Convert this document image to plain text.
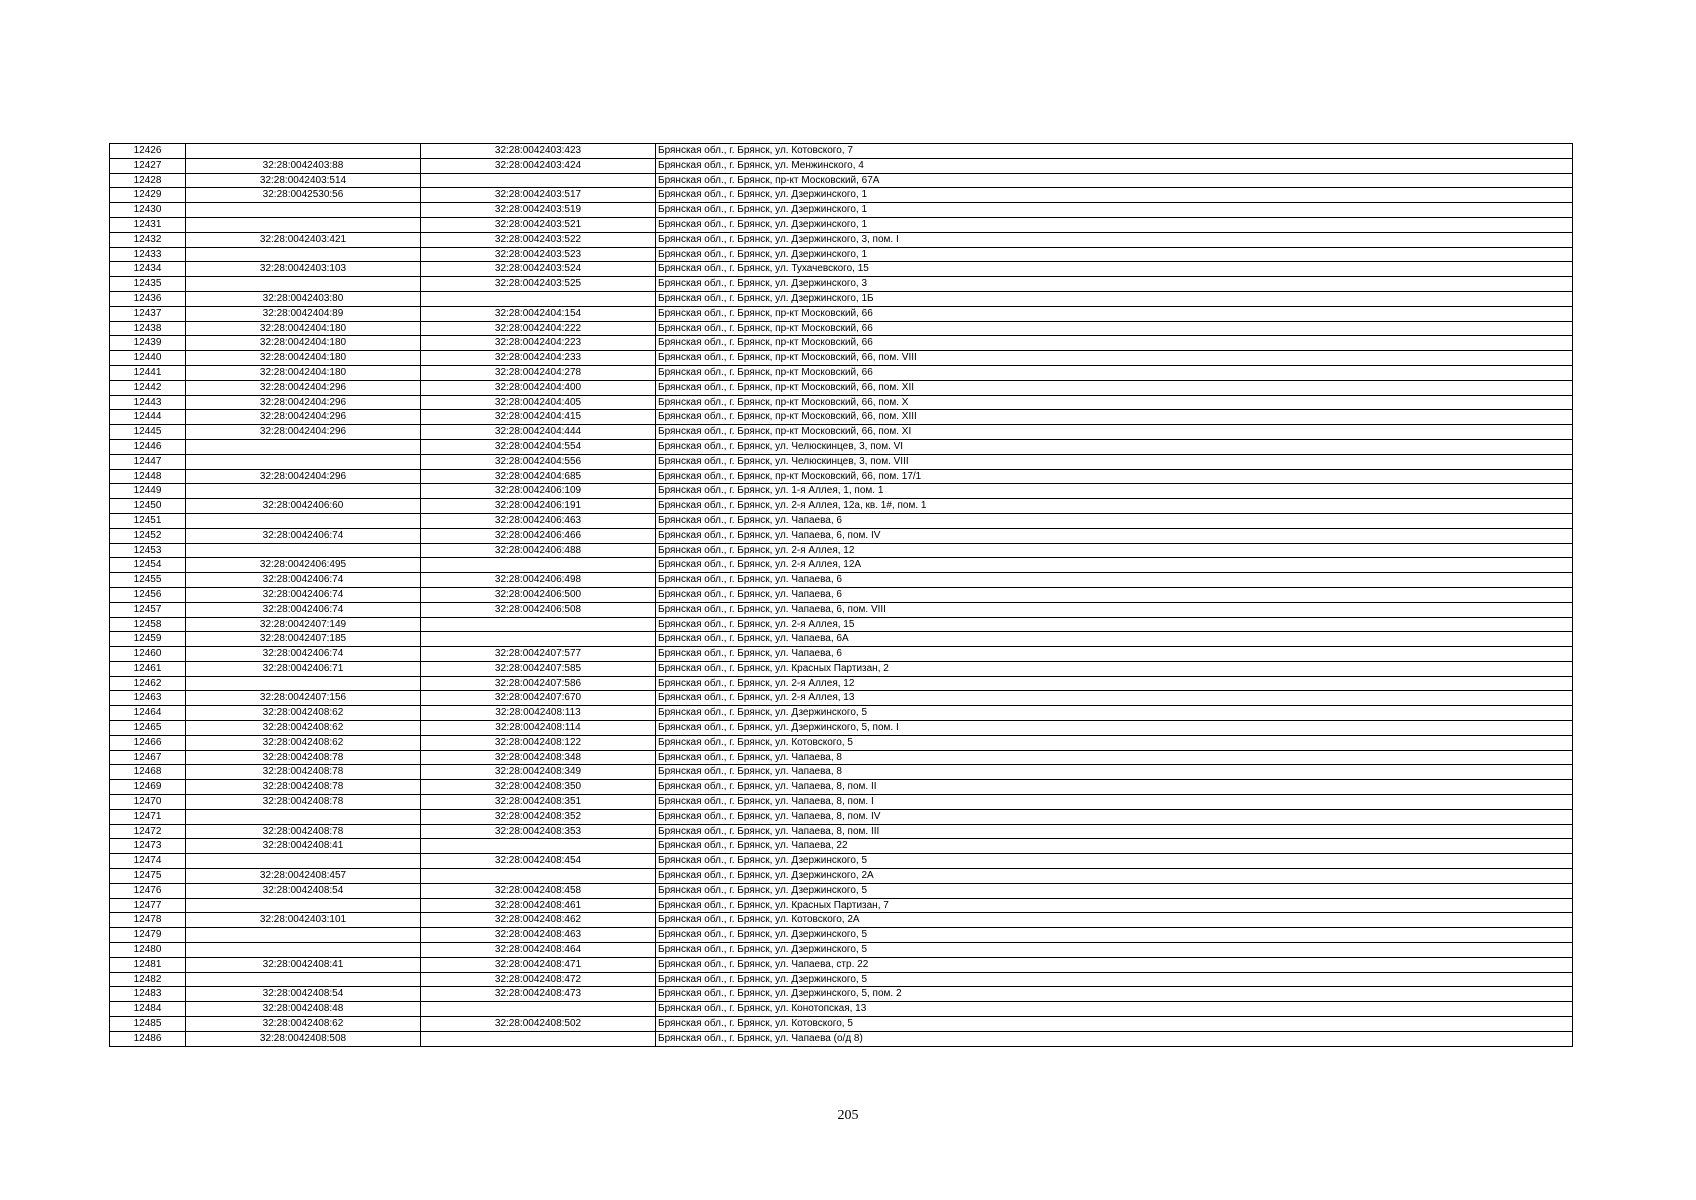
12426		32:28:0042403:423	Брянская обл., г. Брянск, ул. Котовского, 7
12427	32:28:0042403:88	32:28:0042403:424	Брянская обл., г. Брянск, ул. Менжинского, 4
12428	32:28:0042403:514		Брянская обл., г. Брянск, пр-кт Московский, 67А
12429	32:28:0042530:56	32:28:0042403:517	Брянская обл., г. Брянск, ул. Дзержинского, 1
12430		32:28:0042403:519	Брянская обл., г. Брянск, ул. Дзержинского, 1
12431		32:28:0042403:521	Брянская обл., г. Брянск, ул. Дзержинского, 1
12432	32:28:0042403:421	32:28:0042403:522	Брянская обл., г. Брянск, ул. Дзержинского, 3, пом. I
12433		32:28:0042403:523	Брянская обл., г. Брянск, ул. Дзержинского, 1
12434	32:28:0042403:103	32:28:0042403:524	Брянская обл., г. Брянск, ул. Тухачевского, 15
12435		32:28:0042403:525	Брянская обл., г. Брянск, ул. Дзержинского, 3
12436	32:28:0042403:80		Брянская обл., г. Брянск, ул. Дзержинского, 1Б
12437	32:28:0042404:89	32:28:0042404:154	Брянская обл., г. Брянск, пр-кт Московский, 66
12438	32:28:0042404:180	32:28:0042404:222	Брянская обл., г. Брянск, пр-кт Московский, 66
12439	32:28:0042404:180	32:28:0042404:223	Брянская обл., г. Брянск, пр-кт Московский, 66
12440	32:28:0042404:180	32:28:0042404:233	Брянская обл., г. Брянск, пр-кт Московский, 66, пом. VIII
12441	32:28:0042404:180	32:28:0042404:278	Брянская обл., г. Брянск, пр-кт Московский, 66
12442	32:28:0042404:296	32:28:0042404:400	Брянская обл., г. Брянск, пр-кт Московский, 66, пом. XII
12443	32:28:0042404:296	32:28:0042404:405	Брянская обл., г. Брянск, пр-кт Московский, 66, пом. X
12444	32:28:0042404:296	32:28:0042404:415	Брянская обл., г. Брянск, пр-кт Московский, 66, пом. XIII
12445	32:28:0042404:296	32:28:0042404:444	Брянская обл., г. Брянск, пр-кт Московский, 66, пом. XI
12446		32:28:0042404:554	Брянская обл., г. Брянск, ул. Челюскинцев, 3, пом. VI
12447		32:28:0042404:556	Брянская обл., г. Брянск, ул. Челюскинцев, 3, пом. VIII
12448	32:28:0042404:296	32:28:0042404:685	Брянская обл., г. Брянск, пр-кт Московский, 66, пом. 17/1
12449		32:28:0042406:109	Брянская обл., г. Брянск, ул. 1-я Аллея, 1, пом. 1
12450	32:28:0042406:60	32:28:0042406:191	Брянская обл., г. Брянск, ул. 2-я Аллея, 12а, кв. 1#, пом. 1
12451		32:28:0042406:463	Брянская обл., г. Брянск, ул. Чапаева, 6
12452	32:28:0042406:74	32:28:0042406:466	Брянская обл., г. Брянск, ул. Чапаева, 6, пом. IV
12453		32:28:0042406:488	Брянская обл., г. Брянск, ул. 2-я Аллея, 12
12454	32:28:0042406:495		Брянская обл., г. Брянск, ул. 2-я Аллея, 12А
12455	32:28:0042406:74	32:28:0042406:498	Брянская обл., г. Брянск, ул. Чапаева, 6
12456	32:28:0042406:74	32:28:0042406:500	Брянская обл., г. Брянск, ул. Чапаева, 6
12457	32:28:0042406:74	32:28:0042406:508	Брянская обл., г. Брянск, ул. Чапаева, 6, пом. VIII
12458	32:28:0042407:149		Брянская обл., г. Брянск, ул. 2-я Аллея, 15
12459	32:28:0042407:185		Брянская обл., г. Брянск, ул. Чапаева, 6А
12460	32:28:0042406:74	32:28:0042407:577	Брянская обл., г. Брянск, ул. Чапаева, 6
12461	32:28:0042406:71	32:28:0042407:585	Брянская обл., г. Брянск, ул. Красных Партизан, 2
12462		32:28:0042407:586	Брянская обл., г. Брянск, ул. 2-я Аллея, 12
12463	32:28:0042407:156	32:28:0042407:670	Брянская обл., г. Брянск, ул. 2-я Аллея, 13
12464	32:28:0042408:62	32:28:0042408:113	Брянская обл., г. Брянск, ул. Дзержинского, 5
12465	32:28:0042408:62	32:28:0042408:114	Брянская обл., г. Брянск, ул. Дзержинского, 5, пом. I
12466	32:28:0042408:62	32:28:0042408:122	Брянская обл., г. Брянск, ул. Котовского, 5
12467	32:28:0042408:78	32:28:0042408:348	Брянская обл., г. Брянск, ул. Чапаева, 8
12468	32:28:0042408:78	32:28:0042408:349	Брянская обл., г. Брянск, ул. Чапаева, 8
12469	32:28:0042408:78	32:28:0042408:350	Брянская обл., г. Брянск, ул. Чапаева, 8, пом. II
12470	32:28:0042408:78	32:28:0042408:351	Брянская обл., г. Брянск, ул. Чапаева, 8, пом. I
12471		32:28:0042408:352	Брянская обл., г. Брянск, ул. Чапаева, 8, пом. IV
12472	32:28:0042408:78	32:28:0042408:353	Брянская обл., г. Брянск, ул. Чапаева, 8, пом. III
12473	32:28:0042408:41		Брянская обл., г. Брянск, ул. Чапаева, 22
12474		32:28:0042408:454	Брянская обл., г. Брянск, ул. Дзержинского, 5
12475	32:28:0042408:457		Брянская обл., г. Брянск, ул. Дзержинского, 2А
12476	32:28:0042408:54	32:28:0042408:458	Брянская обл., г. Брянск, ул. Дзержинского, 5
12477		32:28:0042408:461	Брянская обл., г. Брянск, ул. Красных Партизан, 7
12478	32:28:0042403:101	32:28:0042408:462	Брянская обл., г. Брянск, ул. Котовского, 2А
12479		32:28:0042408:463	Брянская обл., г. Брянск, ул. Дзержинского, 5
12480		32:28:0042408:464	Брянская обл., г. Брянск, ул. Дзержинского, 5
12481	32:28:0042408:41	32:28:0042408:471	Брянская обл., г. Брянск, ул. Чапаева, стр. 22
12482		32:28:0042408:472	Брянская обл., г. Брянск, ул. Дзержинского, 5
12483	32:28:0042408:54	32:28:0042408:473	Брянская обл., г. Брянск, ул. Дзержинского, 5, пом. 2
12484	32:28:0042408:48		Брянская обл., г. Брянск, ул. Конотопская, 13
12485	32:28:0042408:62	32:28:0042408:502	Брянская обл., г. Брянск, ул. Котовского, 5
12486	32:28:0042408:508		Брянская обл., г. Брянск, ул. Чапаева (о/д 8)
205
